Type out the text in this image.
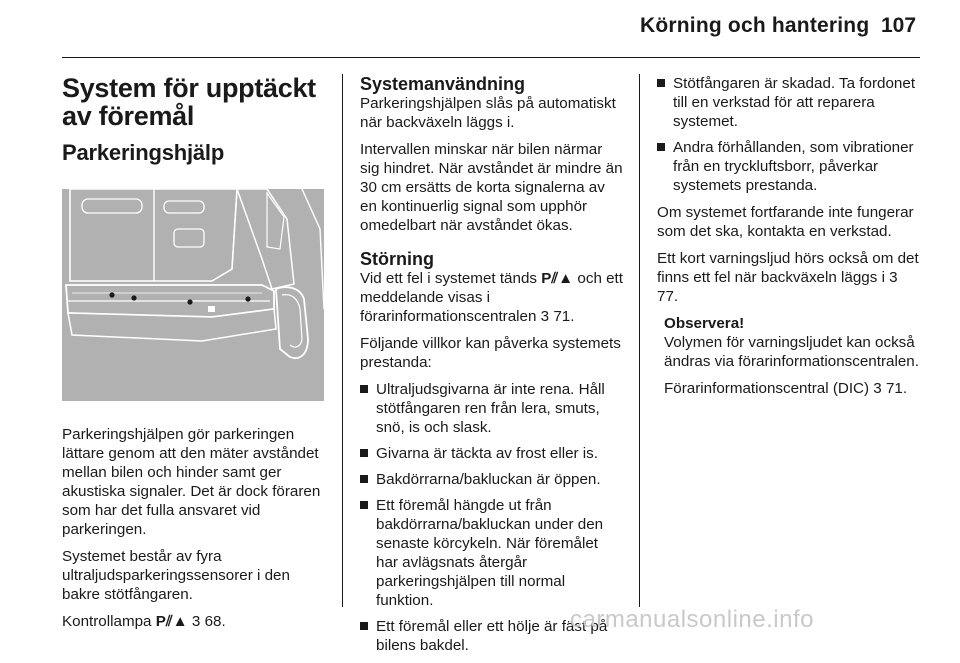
Körning och hantering 107
System för upptäckt av föremål
Parkeringshjälp

Parkeringshjälpen gör parkeringen lättare genom att den mäter avståndet mellan bilen och hinder samt ger akustiska signaler. Det är dock föraren som har det fulla ansvaret vid parkeringen.

Systemet består av fyra ultraljudsparkeringssensorer i den bakre stötfångaren.

Kontrollampa P⫽▲ 3 68.

Systemanvändning

Parkeringshjälpen slås på automatiskt när backväxeln läggs i.

Intervallen minskar när bilen närmar sig hindret. När avståndet är mindre än 30 cm ersätts de korta signalerna av en kontinuerlig signal som upphör omedelbart när avståndet ökas.

Störning

Vid ett fel i systemet tänds P⫽▲ och ett meddelande visas i förarinformationscentralen 3 71.

Följande villkor kan påverka systemets prestanda:

Ultraljudsgivarna är inte rena. Håll stötfångaren ren från lera, smuts, snö, is och slask.
Givarna är täckta av frost eller is.
Bakdörrarna/bakluckan är öppen.
Ett föremål hängde ut från bakdörrarna/bakluckan under den senaste körcykeln. När föremålet har avlägsnats återgår parkeringshjälpen till normal funktion.
Ett föremål eller ett hölje är fäst på bilens bakdel.
Stötfångaren är skadad. Ta fordonet till en verkstad för att reparera systemet.
Andra förhållanden, som vibrationer från en tryckluftsborr, påverkar systemets prestanda.

Om systemet fortfarande inte fungerar som det ska, kontakta en verkstad.

Ett kort varningsljud hörs också om det finns ett fel när backväxeln läggs i 3 77.

Observera!

Volymen för varningsljudet kan också ändras via förarinformationscentralen.

Förarinformationscentral (DIC) 3 71.

carmanualsonline.info
